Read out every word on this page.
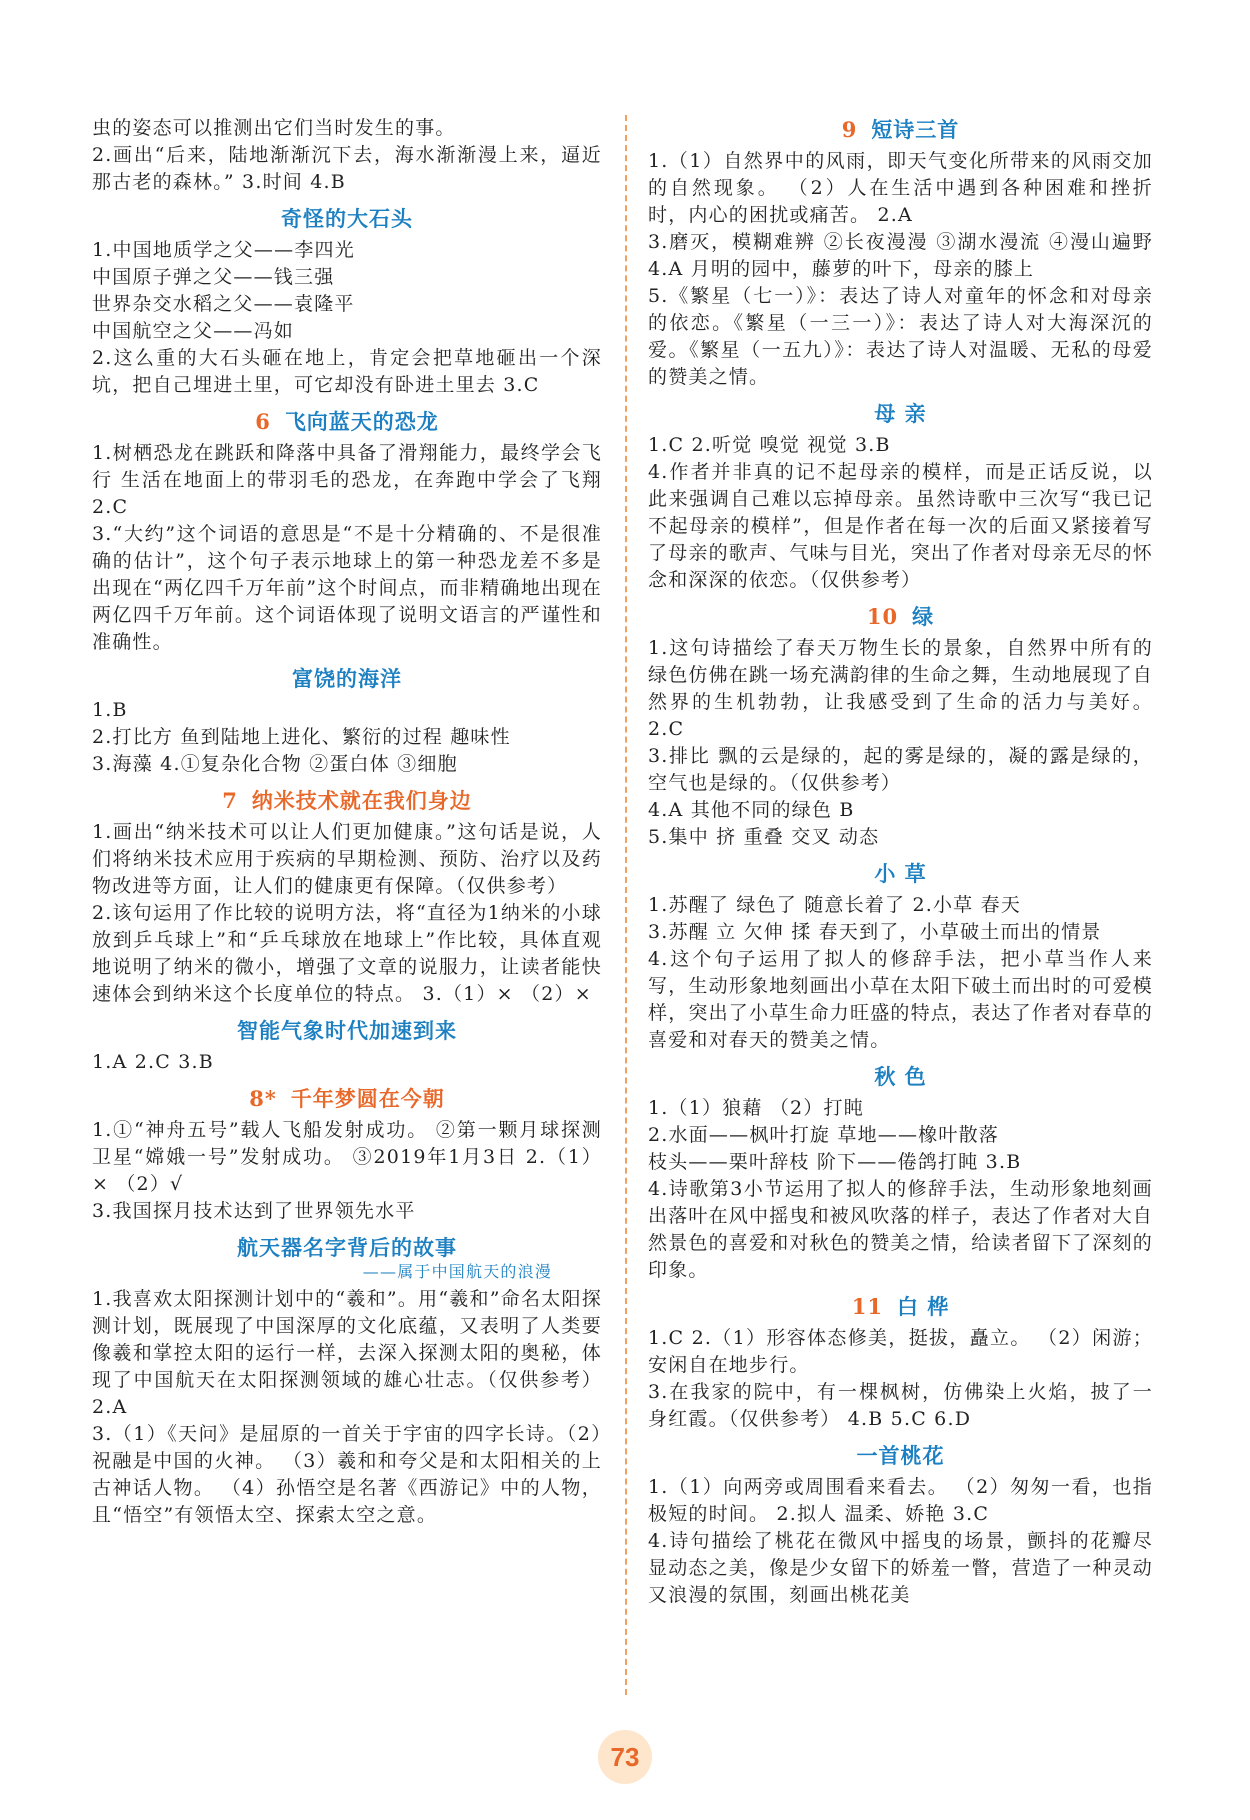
虫的姿态可以推测出它们当时发生的事。
2.画出“后来，陆地渐渐沉下去，海水渐渐漫上来，逼近那古老的森林。” 3.时间 4.B
奇怪的大石头
1.中国地质学之父——李四光
中国原子弹之父——钱三强
世界杂交水稻之父——袁隆平
中国航空之父——冯如
2.这么重的大石头砸在地上，肯定会把草地砸出一个深坑，把自己埋进土里，可它却没有卧进土里去 3.C
6 飞向蓝天的恐龙
1.树栖恐龙在跳跃和降落中具备了滑翔能力，最终学会飞行 生活在地面上的带羽毛的恐龙，在奔跑中学会了飞翔 2.C
3.“大约”这个词语的意思是“不是十分精确的、不是很准确的估计”，这个句子表示地球上的第一种恐龙差不多是出现在“两亿四千万年前”这个时间点，而非精确地出现在两亿四千万年前。这个词语体现了说明文语言的严谨性和准确性。
富饶的海洋
1.B
2.打比方 鱼到陆地上进化、繁衍的过程 趣味性
3.海藻 4.①复杂化合物 ②蛋白体 ③细胞
7 纳米技术就在我们身边
1.画出“纳米技术可以让人们更加健康。”这句话是说，人们将纳米技术应用于疾病的早期检测、预防、治疗以及药物改进等方面，让人们的健康更有保障。（仅供参考）
2.该句运用了作比较的说明方法，将“直径为1纳米的小球放到乒乓球上”和“乒乓球放在地球上”作比较，具体直观地说明了纳米的微小，增强了文章的说服力，让读者能快速体会到纳米这个长度单位的特点。 3.（1）× （2）×
智能气象时代加速到来
1.A 2.C 3.B
8* 千年梦圆在今朝
1.①“神舟五号”载人飞船发射成功。 ②第一颗月球探测卫星“嫦娥一号”发射成功。 ③2019年1月3日 2.（1）× （2）√
3.我国探月技术达到了世界领先水平
航天器名字背后的故事
——属于中国航天的浪漫
1.我喜欢太阳探测计划中的“羲和”。用“羲和”命名太阳探测计划，既展现了中国深厚的文化底蕴，又表明了人类要像羲和掌控太阳的运行一样，去深入探测太阳的奥秘，体现了中国航天在太阳探测领域的雄心壮志。（仅供参考） 2.A
3.（1）《天问》是屈原的一首关于宇宙的四字长诗。（2）祝融是中国的火神。 （3）羲和和夸父是和太阳相关的上古神话人物。 （4）孙悟空是名著《西游记》中的人物，且“悟空”有领悟太空、探索太空之意。
9 短诗三首
1.（1）自然界中的风雨，即天气变化所带来的风雨交加的自然现象。 （2）人在生活中遇到各种困难和挫折时，内心的困扰或痛苦。 2.A
3.磨灭，模糊难辨 ②长夜漫漫 ③湖水漫流 ④漫山遍野 4.A 月明的园中，藤萝的叶下，母亲的膝上
5.《繁星（七一）》：表达了诗人对童年的怀念和对母亲的依恋。《繁星（一三一）》：表达了诗人对大海深沉的爱。《繁星（一五九）》：表达了诗人对温暖、无私的母爱的赞美之情。
母 亲
1.C 2.听觉 嗅觉 视觉 3.B
4.作者并非真的记不起母亲的模样，而是正话反说，以此来强调自己难以忘掉母亲。虽然诗歌中三次写“我已记不起母亲的模样”，但是作者在每一次的后面又紧接着写了母亲的歌声、气味与目光，突出了作者对母亲无尽的怀念和深深的依恋。（仅供参考）
10 绿
1.这句诗描绘了春天万物生长的景象，自然界中所有的绿色仿佛在跳一场充满韵律的生命之舞，生动地展现了自然界的生机勃勃，让我感受到了生命的活力与美好。 2.C
3.排比 飘的云是绿的，起的雾是绿的，凝的露是绿的，空气也是绿的。（仅供参考）
4.A 其他不同的绿色 B
5.集中 挤 重叠 交叉 动态
小 草
1.苏醒了 绿色了 随意长着了 2.小草 春天
3.苏醒 立 欠伸 揉 春天到了，小草破土而出的情景
4.这个句子运用了拟人的修辞手法，把小草当作人来写，生动形象地刻画出小草在太阳下破土而出时的可爱模样，突出了小草生命力旺盛的特点，表达了作者对春草的喜爱和对春天的赞美之情。
秋 色
1.（1）狼藉 （2）打盹
2.水面——枫叶打旋 草地——橡叶散落
枝头——栗叶辞枝 阶下——倦鸽打盹 3.B
4.诗歌第3小节运用了拟人的修辞手法，生动形象地刻画出落叶在风中摇曳和被风吹落的样子，表达了作者对大自然景色的喜爱和对秋色的赞美之情，给读者留下了深刻的印象。
11 白 桦
1.C 2.（1）形容体态修美，挺拔，矗立。 （2）闲游；安闲自在地步行。
3.在我家的院中，有一棵枫树，仿佛染上火焰，披了一身红霞。（仅供参考） 4.B 5.C 6.D
一首桃花
1.（1）向两旁或周围看来看去。 （2）匆匆一看，也指极短的时间。 2.拟人 温柔、娇艳 3.C
4.诗句描绘了桃花在微风中摇曳的场景，颤抖的花瓣尽显动态之美，像是少女留下的娇羞一瞥，营造了一种灵动又浪漫的氛围，刻画出桃花美
73
